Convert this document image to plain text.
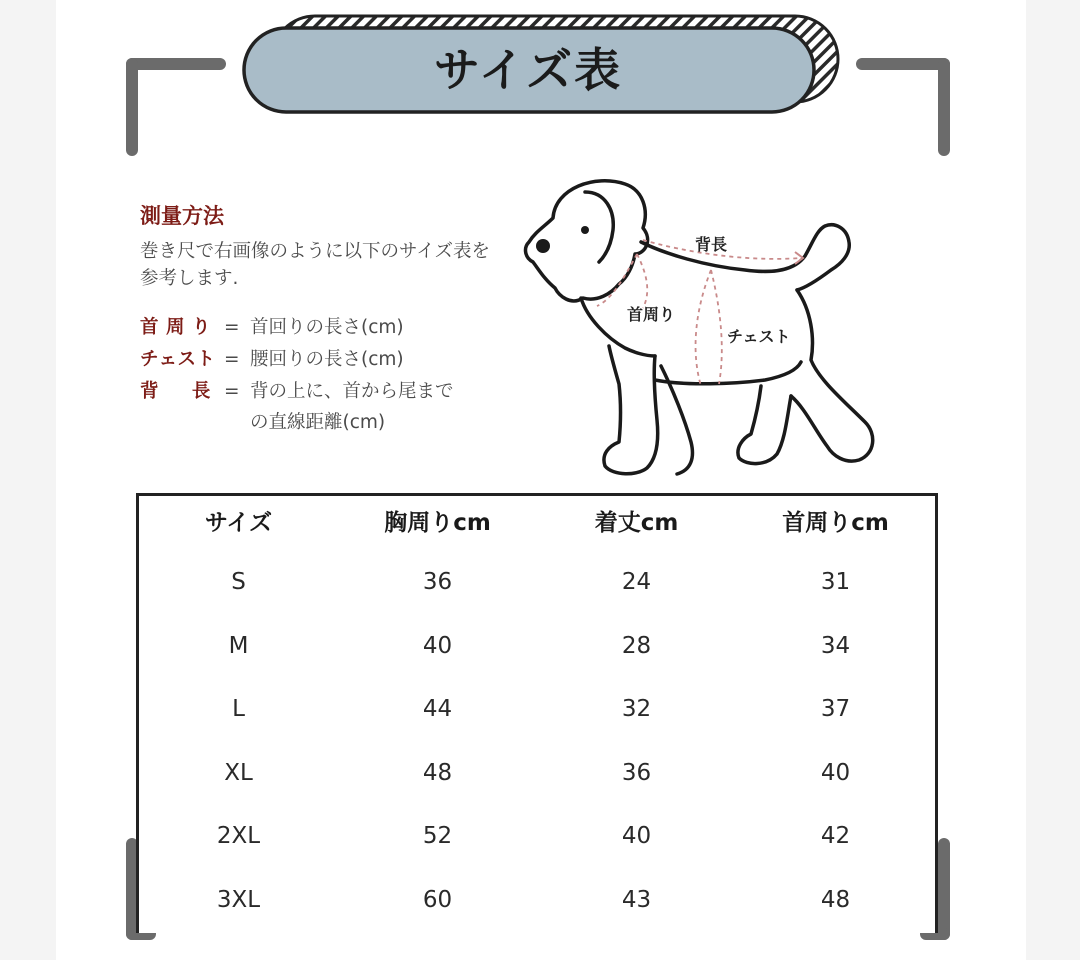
サイズ表
測量方法
巻き尺で右画像のように以下のサイズ表を参考します.
首 周 り = 首回りの長さ(cm)
チェスト = 腰回りの長さ(cm)
背 　 長 = 背の上に、首から尾まで
の直線距離(cm)
背長
首周り
チェスト
サイズ	胸周りcm	着丈cm	首周りcm
S	36	24	31
M	40	28	34
L	44	32	37
XL	48	36	40
2XL	52	40	42
3XL	60	43	48
